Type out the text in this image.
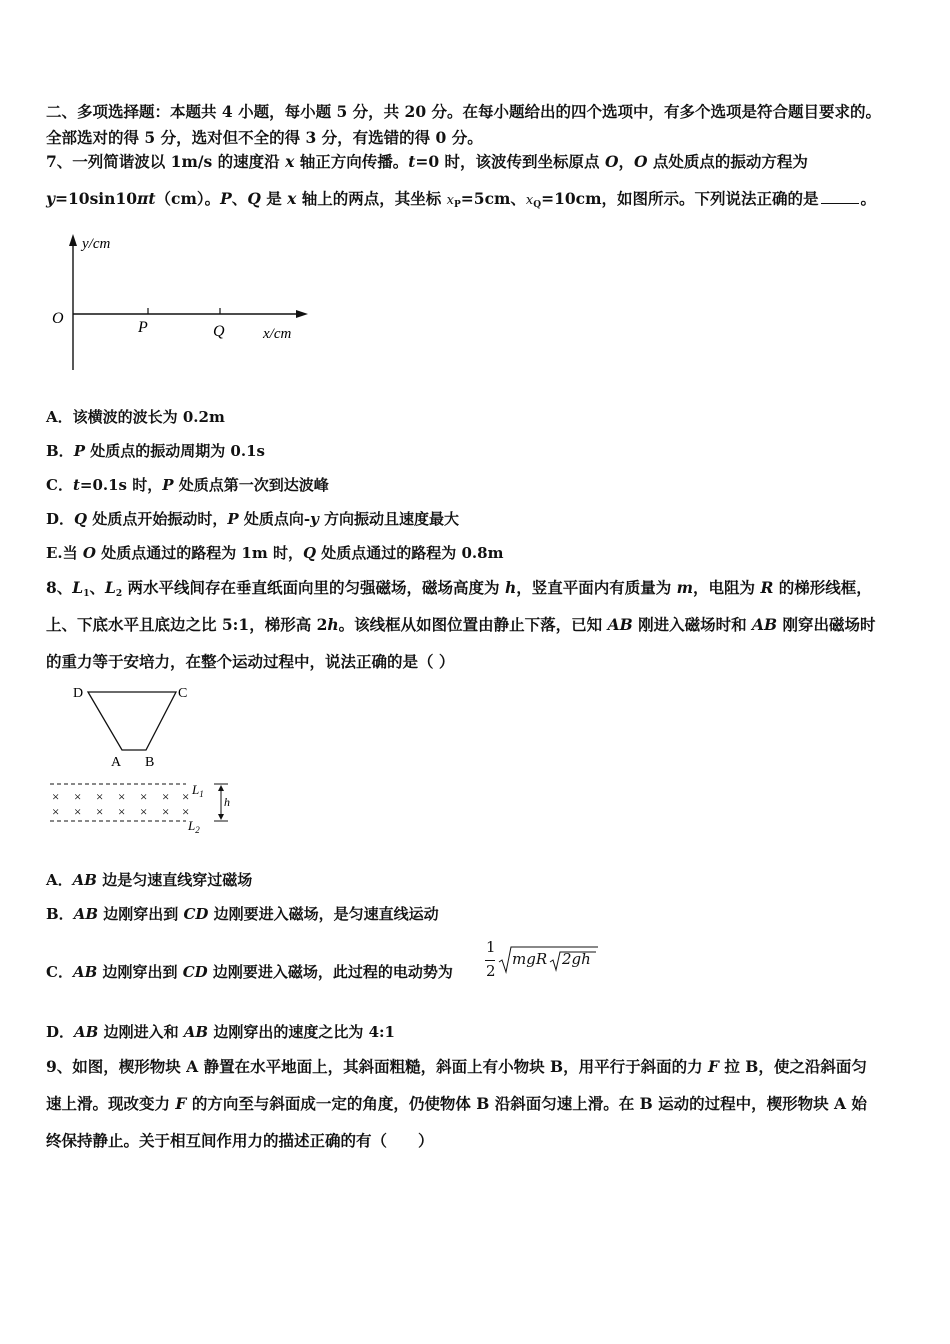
二、多项选择题：本题共 4 小题，每小题 5 分，共 20 分。在每小题给出的四个选项中，有多个选项是符合题目要求的。
全部选对的得 5 分，选对但不全的得 3 分，有选错的得 0 分。
7、一列简谐波以 1m/s 的速度沿 x 轴正方向传播。t=0 时，该波传到坐标原点 O，O 点处质点的振动方程为
y=10sin10πt（cm）。P、Q 是 x 轴上的两点，其坐标 $x_P=5cm$、$x_Q=10cm$，如图所示。下列说法正确的是	。
y/cm
O
P	Q	x/cm
A．该横波的波长为 0.2m
B．P 处质点的振动周期为 0.1s
C．t=0.1s 时，P 处质点第一次到达波峰
D．Q 处质点开始振动时，P 处质点向-y 方向振动且速度最大
E.当 O 处质点通过的路程为 1m 时，Q 处质点通过的路程为 0.8m
8、$L_1$、$L_2$ 两水平线间存在垂直纸面向里的匀强磁场，磁场高度为 h，竖直平面内有质量为 m，电阻为 R 的梯形线框，
上、下底水平且底边之比 5:1，梯形高 2h。该线框从如图位置由静止下落，已知 AB 刚进入磁场时和 AB 刚穿出磁场时
的重力等于安培力，在整个运动过程中，说法正确的是（ ）
D	C
A B
× × × × × × ×
× × × × × × ×
$L_1$
$L_2$
h
A．AB 边是匀速直线穿过磁场
B．AB 边刚穿出到 CD 边刚要进入磁场，是匀速直线运动
C．AB 边刚穿出到 CD 边刚要进入磁场，此过程的电动势为
1
2
mgR 2gh
D．AB 边刚进入和 AB 边刚穿出的速度之比为 4:1
9、如图，楔形物块 A 静置在水平地面上，其斜面粗糙，斜面上有小物块 B，用平行于斜面的力 F 拉 B，使之沿斜面匀
速上滑。现改变力 F 的方向至与斜面成一定的角度，仍使物体 B 沿斜面匀速上滑。在 B 运动的过程中，楔形物块 A 始
终保持静止。关于相互间作用力的描述正确的有（　　）
